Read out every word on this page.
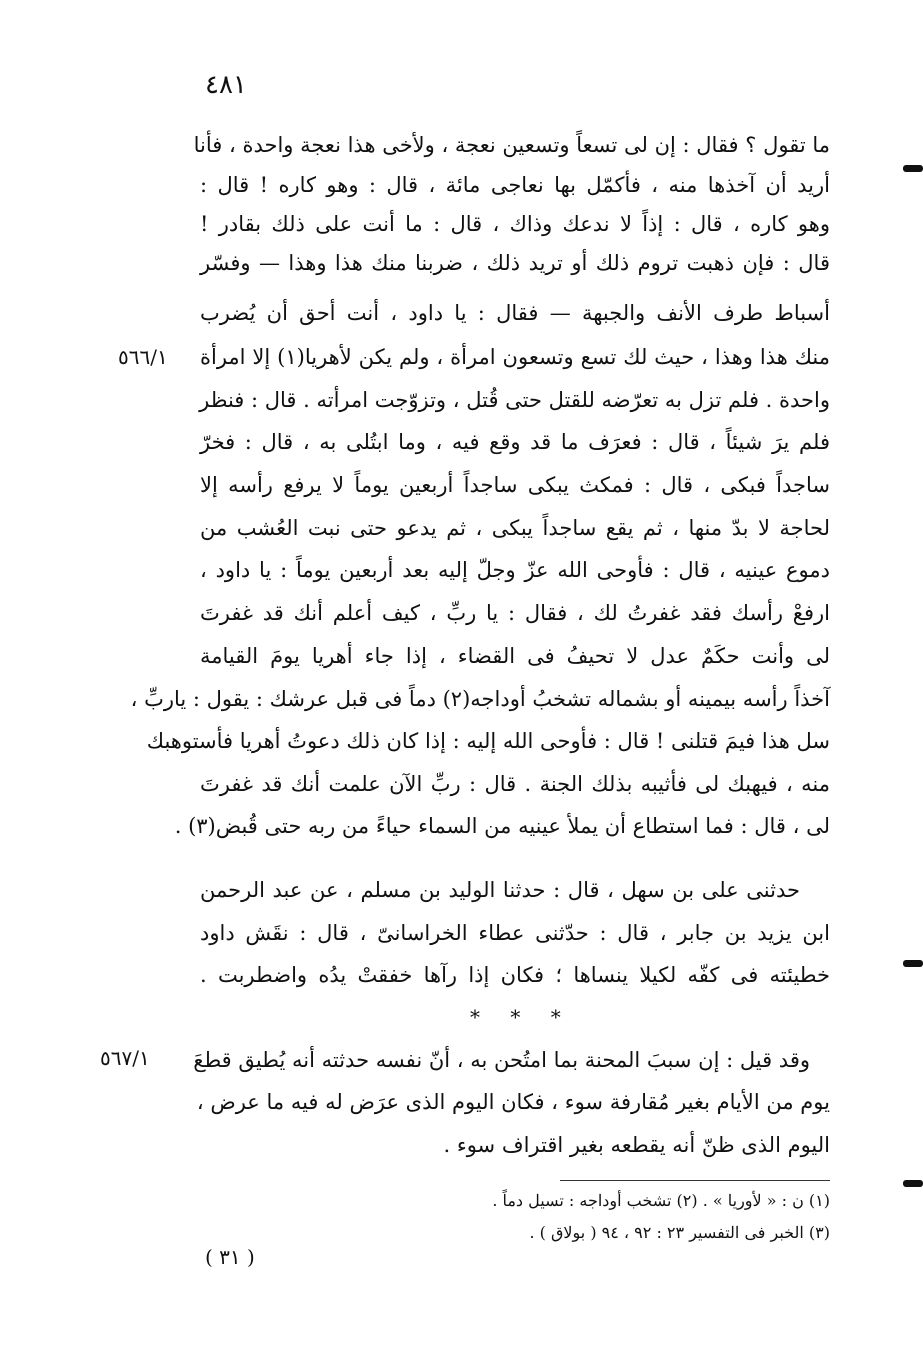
٤٨١
ما تقول ؟ فقال : إن لى تسعاً وتسعين نعجة ، ولأخى هذا نعجة واحدة ، فأنا
أريد أن آخذها منه ، فأكمّل بها نعاجى مائة ، قال : وهو كاره ! قال :
وهو كاره ، قال : إذاً لا ندعك وذاك ، قال : ما أنت على ذلك بقادر !
قال : فإن ذهبت تروم ذلك أو تريد ذلك ، ضربنا منك هذا وهذا — وفسّر
أسباط طرف الأنف والجبهة — فقال : يا داود ، أنت أحق أن يُضرب
منك هذا وهذا ، حيث لك تسع وتسعون امرأة ، ولم يكن لأهريا(١) إلا امرأة
واحدة . فلم تزل به تعرّضه للقتل حتى قُتل ، وتزوّجت امرأته . قال : فنظر
فلم يرَ شيئاً ، قال : فعرَف ما قد وقع فيه ، وما ابتُلى به ، قال : فخرّ
ساجداً فبكى ، قال : فمكث يبكى ساجداً أربعين يوماً لا يرفع رأسه إلا
لحاجة لا بدّ منها ، ثم يقع ساجداً يبكى ، ثم يدعو حتى نبت العُشب من
دموع عينيه ، قال : فأوحى الله عزّ وجلّ إليه بعد أربعين يوماً : يا داود ،
ارفعْ رأسك فقد غفرتُ لك ، فقال : يا ربِّ ، كيف أعلم أنك قد غفرتَ
لى وأنت حكَمٌ عدل لا تحيفُ فى القضاء ، إذا جاء أهريا يومَ القيامة
آخذاً رأسه بيمينه أو بشماله تشخبُ أوداجه(٢) دماً فى قبل عرشك : يقول : ياربِّ ،
سل هذا فيمَ قتلنى ! قال : فأوحى الله إليه : إذا كان ذلك دعوتُ أهريا فأستوهبك
منه ، فيهبك لى فأثيبه بذلك الجنة . قال : ربِّ الآن علمت أنك قد غفرتَ
لى ، قال : فما استطاع أن يملأ عينيه من السماء حياءً من ربه حتى قُبض(٣) .
حدثنى على بن سهل ، قال : حدثنا الوليد بن مسلم ، عن عبد الرحمن
ابن يزيد بن جابر ، قال : حدّثنى عطاء الخراسانىّ ، قال : نقَش داود
خطيئته فى كفّه لكيلا ينساها ؛ فكان إذا رآها خفقتْ يدُه واضطربت .
* * *
وقد قيل : إن سببَ المحنة بما امتُحن به ، أنّ نفسه حدثته أنه يُطيق قطعَ
يوم من الأيام بغير مُقارفة سوء ، فكان اليوم الذى عرَض له فيه ما عرض ،
اليوم الذى ظنّ أنه يقطعه بغير اقتراف سوء .
٥٦٦/١
٥٦٧/١
(١) ن : « لأوريا » . (٢) تشخب أوداجه : تسيل دماً .
(٣) الخبر فى التفسير ٢٣ : ٩٢ ، ٩٤ ( بولاق ) .
( ٣١ )
